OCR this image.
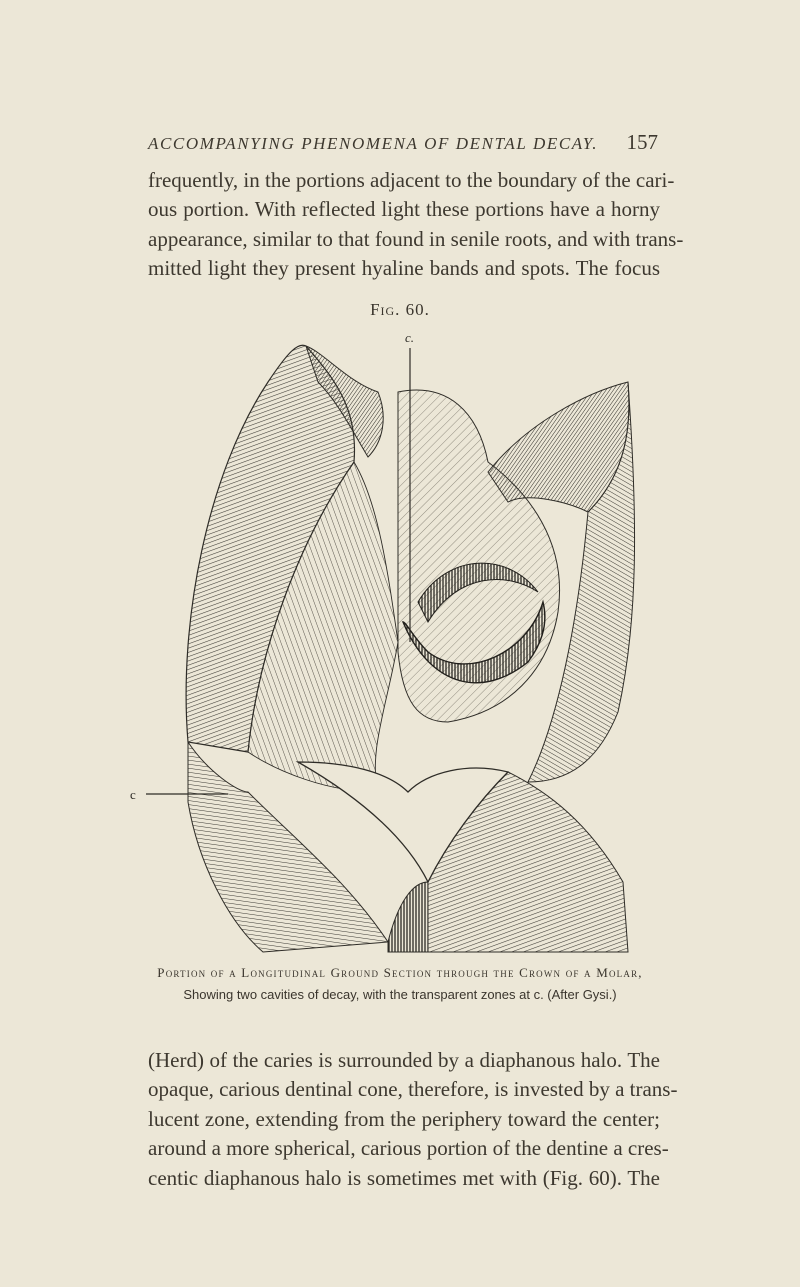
ACCOMPANYING PHENOMENA OF DENTAL DECAY. 157
frequently, in the portions adjacent to the boundary of the cari-
ous portion. With reflected light these portions have a horny
appearance, similar to that found in senile roots, and with trans-
mitted light they present hyaline bands and spots. The focus
Fig. 60.
c.
c
Portion of a Longitudinal Ground Section through the Crown of a Molar,
Showing two cavities of decay, with the transparent zones at c. (After Gysi.)
(Herd) of the caries is surrounded by a diaphanous halo. The
opaque, carious dentinal cone, therefore, is invested by a trans-
lucent zone, extending from the periphery toward the center;
around a more spherical, carious portion of the dentine a cres-
centic diaphanous halo is sometimes met with (Fig. 60). The
